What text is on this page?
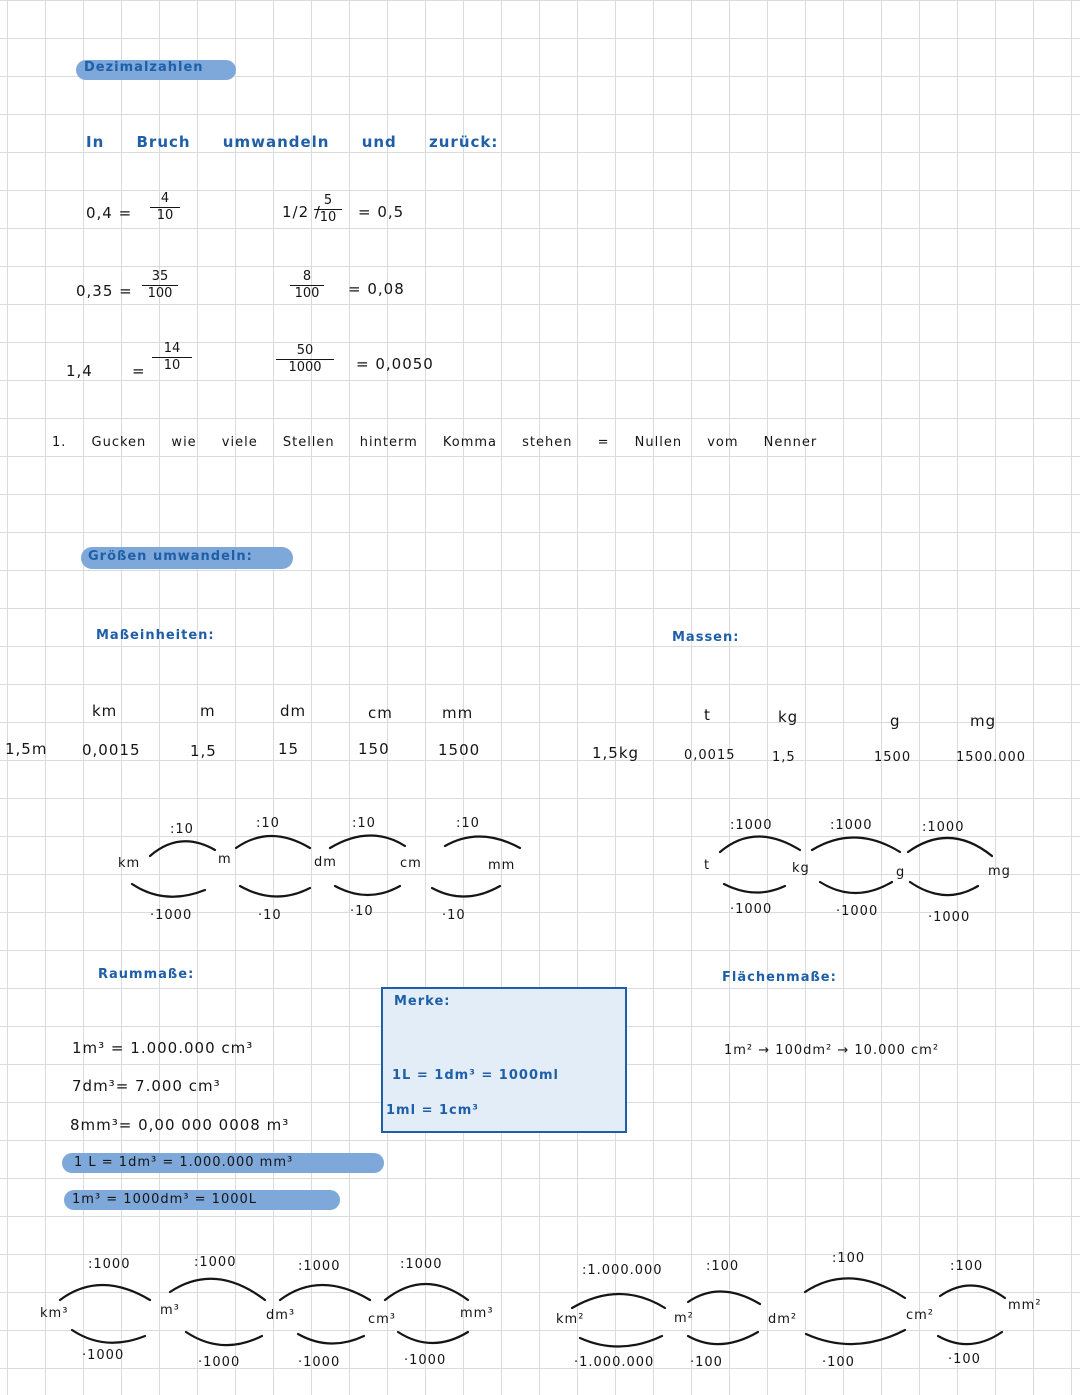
Dezimalzahlen
In Bruch umwandeln und zurück:
0,4 =
4
10
0,35 =
35
100
1,4	=
14
10
1/2 /
5
10	= 0,5
8
100	= 0,08
50
1000	= 0,0050
1. Gucken wie viele Stellen hinterm Komma stehen = Nullen vom Nenner
Größen umwandeln:
Maßeinheiten:	Massen:
km	m	dm	cm	mm
1,5m 0,0015	1,5	15	150	1500
t	kg	g	mg
1,5kg	0,0015	1,5	1500	1500.000
km	m	dm	cm	mm
:10	:10	:10	:10
·1000	·10	·10	·10
t	kg	g	mg
:1000	:1000	:1000
·1000	·1000	·1000
Raummaße:
1m³ = 1.000.000 cm³
7dm³= 7.000 cm³
8mm³= 0,00 000 0008 m³
1 L = 1dm³ = 1.000.000 mm³
1m³ = 1000dm³ = 1000L
Merke:
1L = 1dm³ = 1000ml
1ml = 1cm³
Flächenmaße:
1m² → 100dm² → 10.000 cm²
km³	m³	dm³	cm³	mm³
:1000	:1000	:1000	:1000
·1000	·1000	·1000	·1000
km²	m²	dm²	cm²
mm²
:1.000.000	:100
:100
:100
·1.000.000	·100	·100	·100
